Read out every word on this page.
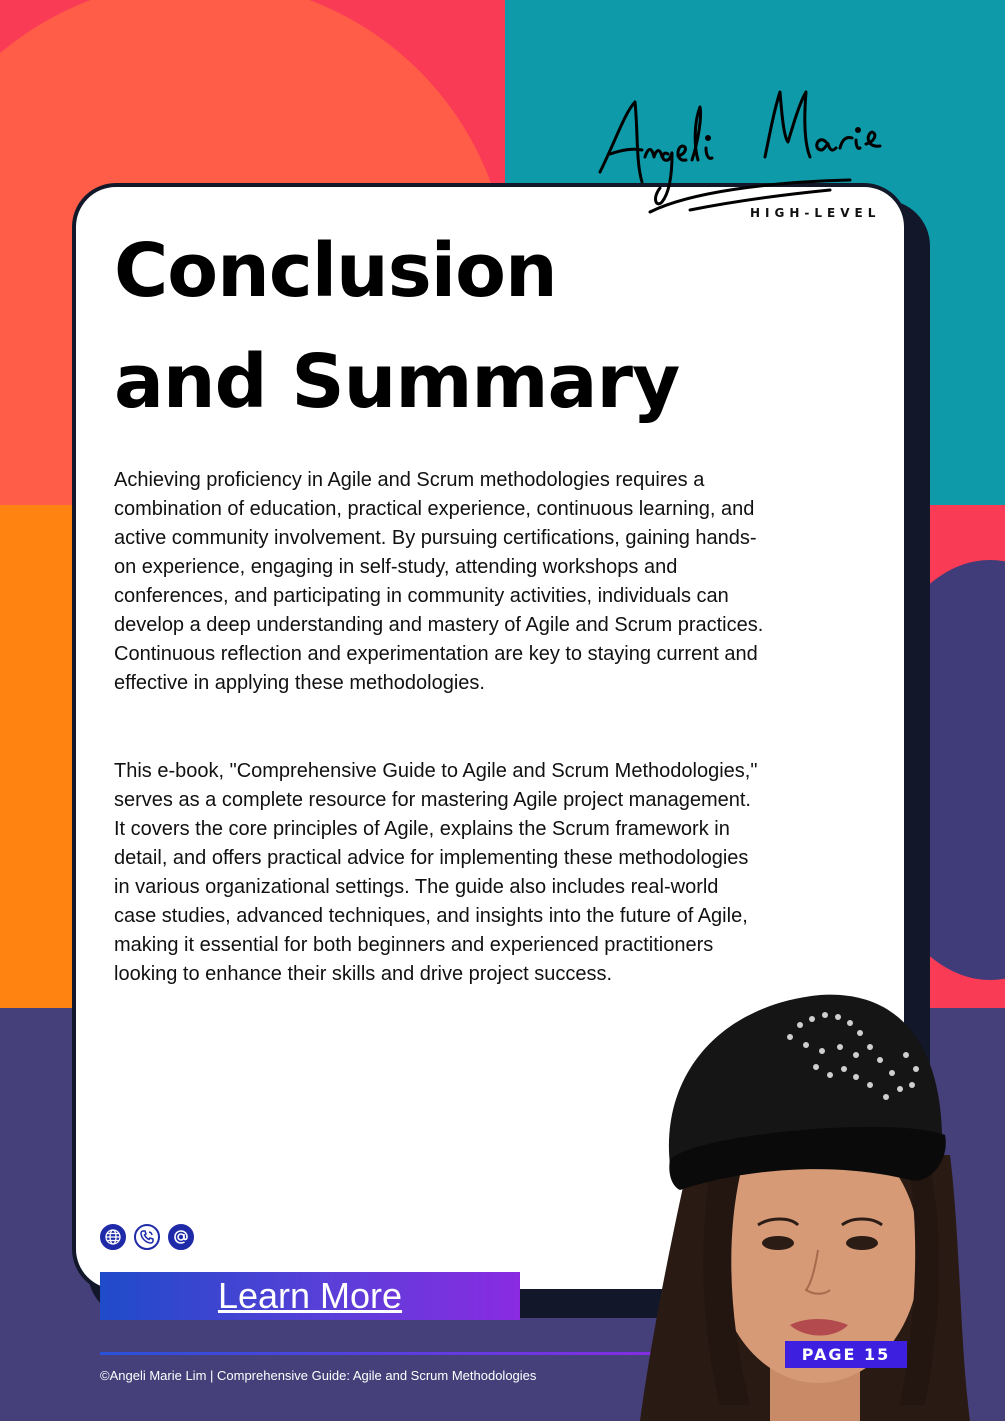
HIGH-LEVEL
Conclusion
and Summary

Achieving proficiency in Agile and Scrum methodologies requires a combination of education, practical experience, continuous learning, and active community involvement. By pursuing certifications, gaining hands-on experience, engaging in self-study, attending workshops and conferences, and participating in community activities, individuals can develop a deep understanding and mastery of Agile and Scrum practices. Continuous reflection and experimentation are key to staying current and effective in applying these methodologies.

This e-book, "Comprehensive Guide to Agile and Scrum Methodologies," serves as a complete resource for mastering Agile project management. It covers the core principles of Agile, explains the Scrum framework in detail, and offers practical advice for implementing these methodologies in various organizational settings. The guide also includes real-world case studies, advanced techniques, and insights into the future of Agile, making it essential for both beginners and experienced practitioners looking to enhance their skills and drive project success.

Learn More
©Angeli Marie Lim | Comprehensive Guide: Agile and Scrum Methodologies
PAGE 15
